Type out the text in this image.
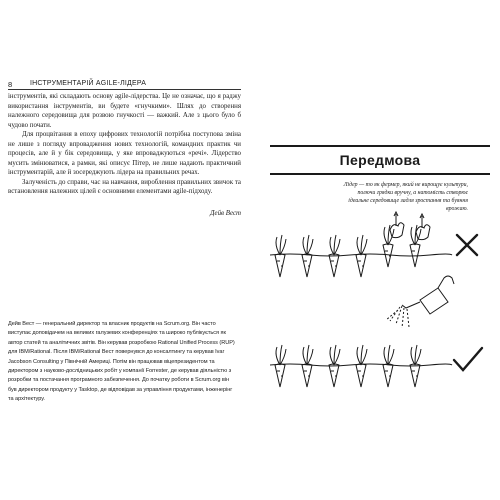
8	ІНСТРУМЕНТАРІЙ AGILE-ЛІДЕРА

інструментів, які складають основу agile-лідерства. Це не означає, що я раджу використання інструментів, ви будете «гнучкими». Шлях до створення належного середовища для розвою гнучкості — важкий. Але з цього було б чудово почати.

Для процвітання в епоху цифрових технологій потрібна поступова зміна не лише з погляду впровадження нових технологій, командних практик чи процесів, але й у бік середовища, у яке впроваджуються «речі». Лідерство мусить змінюватися, а рамки, які описує Пітер, не лише надають практичний інструментарій, але й зосереджують лідера на правильних речах.

Залученість до справи, час на навчання, вироблення правильних звичок та встановлення належних цілей є основними елементами agile-підходу.

Дейв Вест
Дейв Вест — генеральний директор та власник продуктів на Scrum.org. Він часто виступає доповідачем на великих галузевих конференціях та широко публікується як автор статей та аналітичних звітів. Він керував розробкою Rational Unified Process (RUP) для IBM/Rational. Після IBM/Rational Вест повернувся до консалтингу та керував Ivar Jacobson Consulting у Північній Америці. Потім він працював віцепрезидентом та директором з науково-дослідницьких робіт у компанії Forrester, де керував діяльністю з розробки та постачання програмного забезпечення. До початку роботи в Scrum.org він був директором продукту у Tasktop, де відповідав за управління продуктами, інженерінг та архітектуру.
Передмова
Лідер — то як фермер, який не вирощує культури, полючи грядки вручну, а натомість створює ідеальне середовище задля зростання та буяння врожаю.
